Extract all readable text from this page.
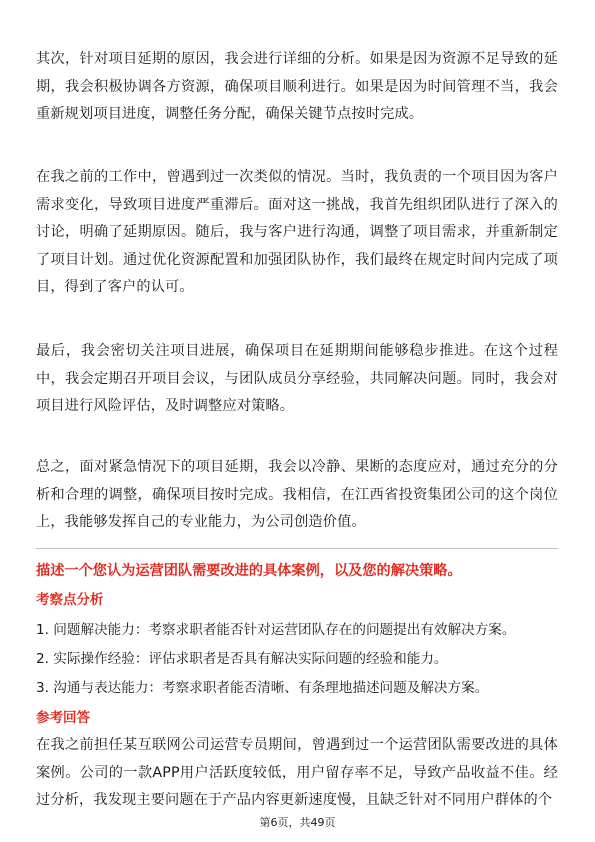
其次，针对项目延期的原因，我会进行详细的分析。如果是因为资源不足导致的延期，我会积极协调各方资源，确保项目顺利进行。如果是因为时间管理不当，我会重新规划项目进度，调整任务分配，确保关键节点按时完成。

在我之前的工作中，曾遇到过一次类似的情况。当时，我负责的一个项目因为客户需求变化，导致项目进度严重滞后。面对这一挑战，我首先组织团队进行了深入的讨论，明确了延期原因。随后，我与客户进行沟通，调整了项目需求，并重新制定了项目计划。通过优化资源配置和加强团队协作，我们最终在规定时间内完成了项目，得到了客户的认可。

最后，我会密切关注项目进展，确保项目在延期期间能够稳步推进。在这个过程中，我会定期召开项目会议，与团队成员分享经验，共同解决问题。同时，我会对项目进行风险评估，及时调整应对策略。

总之，面对紧急情况下的项目延期，我会以冷静、果断的态度应对，通过充分的分析和合理的调整，确保项目按时完成。我相信，在江西省投资集团公司的这个岗位上，我能够发挥自己的专业能力，为公司创造价值。

描述一个您认为运营团队需要改进的具体案例，以及您的解决策略。

考察点分析

1. 问题解决能力：考察求职者能否针对运营团队存在的问题提出有效解决方案。
2. 实际操作经验：评估求职者是否具有解决实际问题的经验和能力。
3. 沟通与表达能力：考察求职者能否清晰、有条理地描述问题及解决方案。

参考回答

在我之前担任某互联网公司运营专员期间，曾遇到过一个运营团队需要改进的具体案例。公司的一款APP用户活跃度较低，用户留存率不足，导致产品收益不佳。经过分析，我发现主要问题在于产品内容更新速度慢，且缺乏针对不同用户群体的个

第6页，共49页
